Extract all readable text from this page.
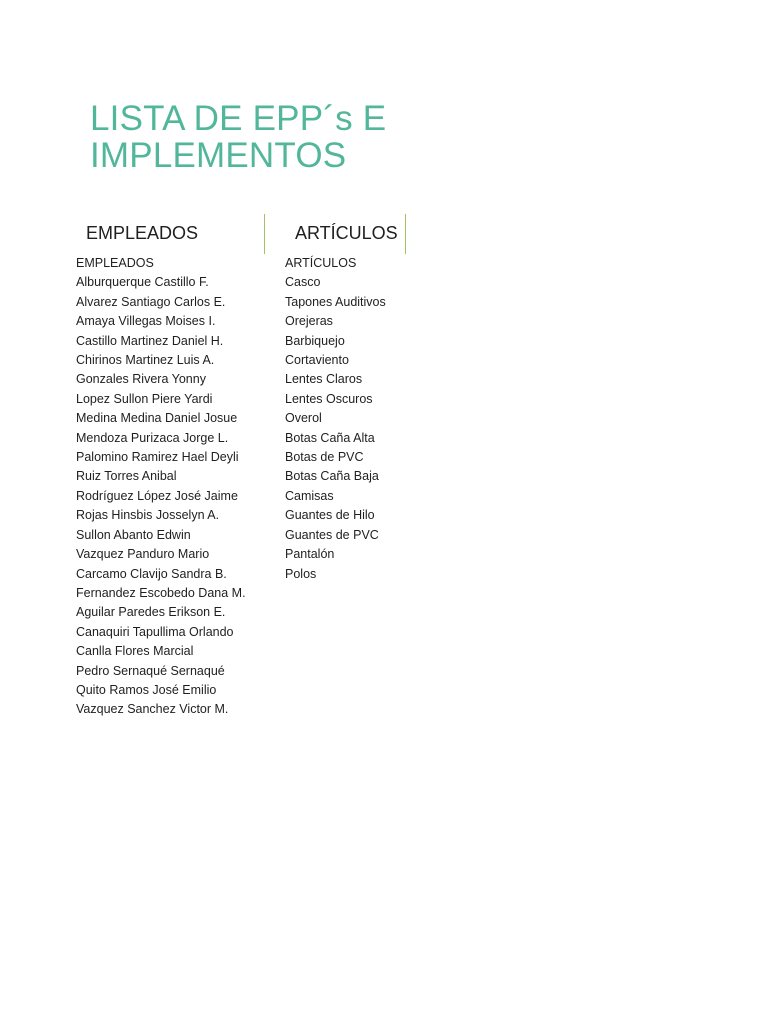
LISTA DE EPP´s E IMPLEMENTOS
EMPLEADOS	ARTÍCULOS
EMPLEADOS
Alburquerque Castillo F.
Alvarez Santiago Carlos E.
Amaya Villegas Moises I.
Castillo Martinez Daniel H.
Chirinos Martinez Luis A.
Gonzales Rivera Yonny
Lopez Sullon Piere Yardi
Medina Medina Daniel Josue
Mendoza Purizaca Jorge L.
Palomino Ramirez Hael Deyli
Ruiz Torres Anibal
Rodríguez López José Jaime
Rojas Hinsbis Josselyn A.
Sullon Abanto Edwin
Vazquez Panduro Mario
Carcamo Clavijo Sandra B.
Fernandez Escobedo Dana M.
Aguilar Paredes Erikson E.
Canaquiri Tapullima Orlando
Canlla Flores Marcial
Pedro Sernaqué Sernaqué
Quito Ramos José Emilio
Vazquez Sanchez Victor M.
ARTÍCULOS
Casco
Tapones Auditivos
Orejeras
Barbiquejo
Cortaviento
Lentes Claros
Lentes Oscuros
Overol
Botas Caña Alta
Botas de PVC
Botas Caña Baja
Camisas
Guantes de Hilo
Guantes de PVC
Pantalón
Polos
